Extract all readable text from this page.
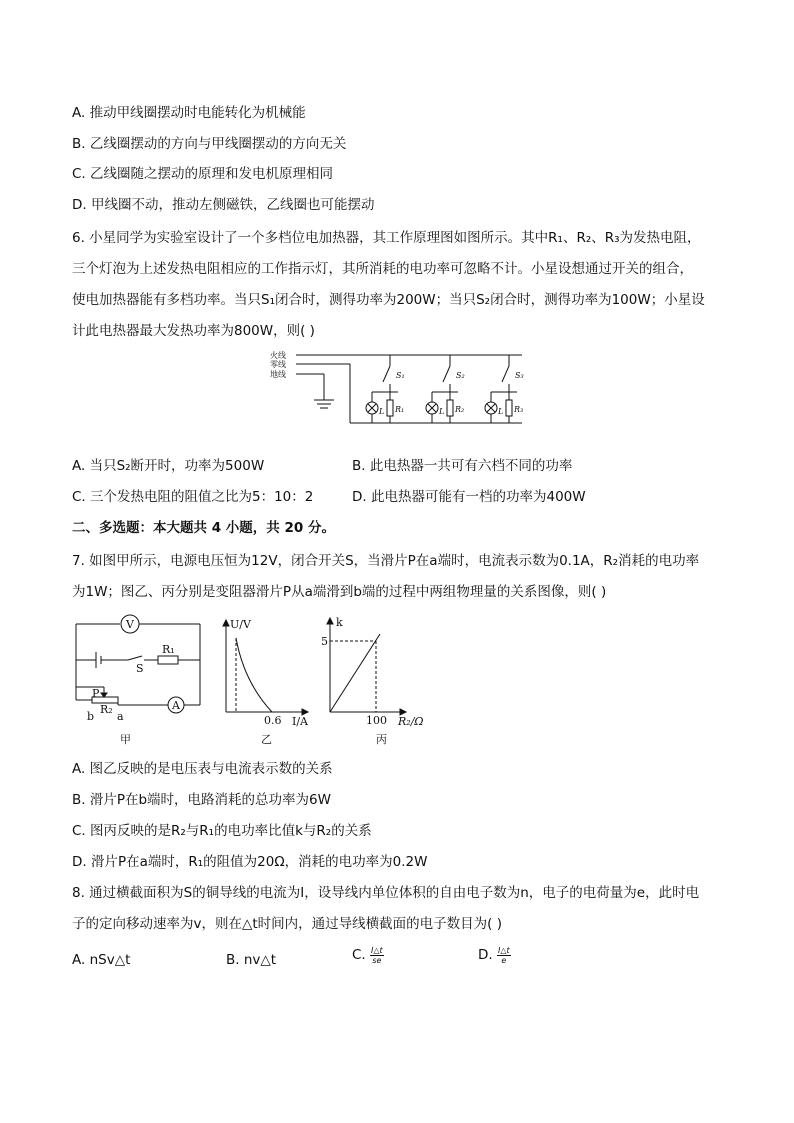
A. 推动甲线圈摆动时电能转化为机械能
B. 乙线圈摆动的方向与甲线圈摆动的方向无关
C. 乙线圈随之摆动的原理和发电机原理相同
D. 甲线圈不动，推动左侧磁铁，乙线圈也可能摆动
6. 小星同学为实验室设计了一个多档位电加热器，其工作原理图如图所示。其中R₁、R₂、R₃为发热电阻，
三个灯泡为上述发热电阻相应的工作指示灯，其所消耗的电功率可忽略不计。小星设想通过开关的组合，
使电加热器能有多档功率。当只S₁闭合时，测得功率为200W；当只S₂闭合时，测得功率为100W；小星设
计此电热器最大发热功率为800W，则( )
火线
零线
地线	S₁	S₂	S₃
L	L	L
R₁	R₂	R₃
A. 当只S₂断开时，功率为500W	B. 此电热器一共可有六档不同的功率
C. 三个发热电阻的阻值之比为5：10：2	D. 此电热器可能有一档的功率为400W
二、多选题：本大题共 4 小题，共 20 分。
7. 如图甲所示，电源电压恒为12V，闭合开关S，当滑片P在a端时，电流表示数为0.1A，R₂消耗的电功率
为1W；图乙、丙分别是变阻器滑片P从a端滑到b端的过程中两组物理量的关系图像，则( )
V
R₁
S
P
A
b
R₂
a
甲
U/V
0.6 I/A
乙
k
5
100 R₂/Ω
丙
A. 图乙反映的是电压表与电流表示数的关系
B. 滑片P在b端时，电路消耗的总功率为6W
C. 图丙反映的是R₂与R₁的电功率比值k与R₂的关系
D. 滑片P在a端时，R₁的阻值为20Ω，消耗的电功率为0.2W
8. 通过横截面积为S的铜导线的电流为I，设导线内单位体积的自由电子数为n，电子的电荷量为e，此时电
子的定向移动速率为v，则在△t时间内，通过导线横截面的电子数目为( )
A. nSv△t	B. nv△t	C. $\frac{I\triangle t}{se}$	D. $\frac{I\triangle t}{e}$
